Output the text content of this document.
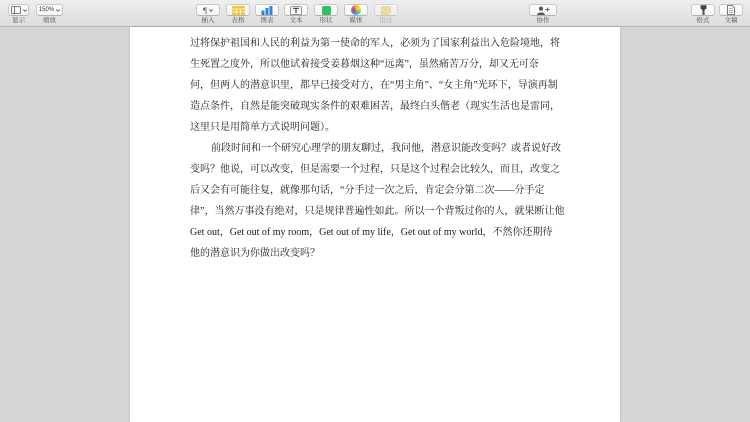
显示
150%
缩放
¶
插入	表格 图表 文本	形状	媒体	批注	协作	格式 文稿
过将保护祖国和人民的利益为第一使命的军人，必须为了国家利益出入危险境地，将
生死置之度外，所以他试着接受姜暮烟这种“远离”，虽然痛苦万分，却又无可奈
何，但两人的潜意识里，都早已接受对方，在“男主角”、“女主角”光环下，导演再制
造点条件，自然是能突破现实条件的艰难困苦，最终白头偕老（现实生活也是雷同，
这里只是用简单方式说明问题）。
前段时间和一个研究心理学的朋友聊过，我问他，潜意识能改变吗？或者说好改
变吗？他说，可以改变，但是需要一个过程，只是这个过程会比较久，而且，改变之
后又会有可能往复，就像那句话，“分手过一次之后，肯定会分第二次——分手定
律”，当然万事没有绝对，只是规律普遍性如此。所以一个背叛过你的人，就果断让他
Get out，Get out of my room，Get out of my life，Get out of my world，不然你还期待
他的潜意识为你做出改变吗？
